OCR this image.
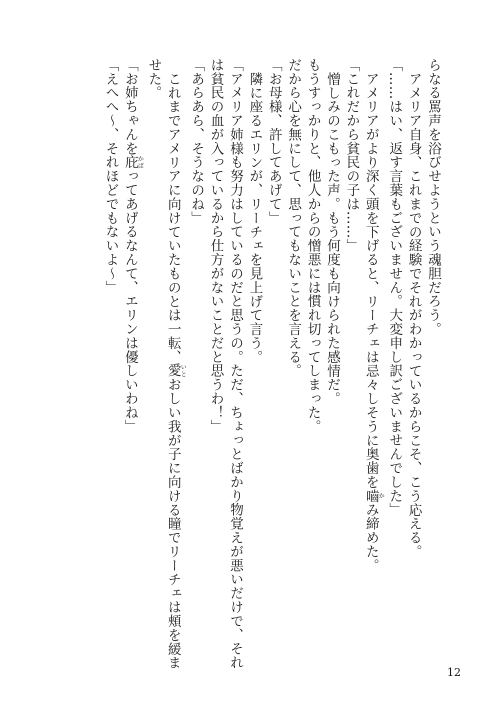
らなる罵声を浴びせようという魂胆だろう。
アメリア自身、これまでの経験でそれがわかっているからこそ、こう応える。
「……はい、返す言葉もございません。大変申し訳ございませんでした」
アメリアがより深く頭を下げると、リーチェは忌々しそうに奥歯を嚙かみ締めた。
「これだから貧民の子は……」
憎しみのこもった声。もう何度も向けられた感情だ。
もうすっかりと、他人からの憎悪には慣れ切ってしまった。
だから心を無にして、思ってもないことを言える。
「お母様、許してあげて」
隣に座るエリンが、リーチェを見上げて言う。
「アメリア姉様も努力はしているのだと思うの。ただ、ちょっとばかり物覚えが悪いだけで、それ
は貧民の血が入っているから仕方がないことだと思うわ！」
「あらあら、そうなのね」
これまでアメリアに向けていたものとは一転、愛いとおしい我が子に向ける瞳でリーチェは頰を緩ま
せた。
「お姉ちゃんを庇かばってあげるなんて、エリンは優しいわね」
「えへへ〜、それほどでもないよ〜」
12
